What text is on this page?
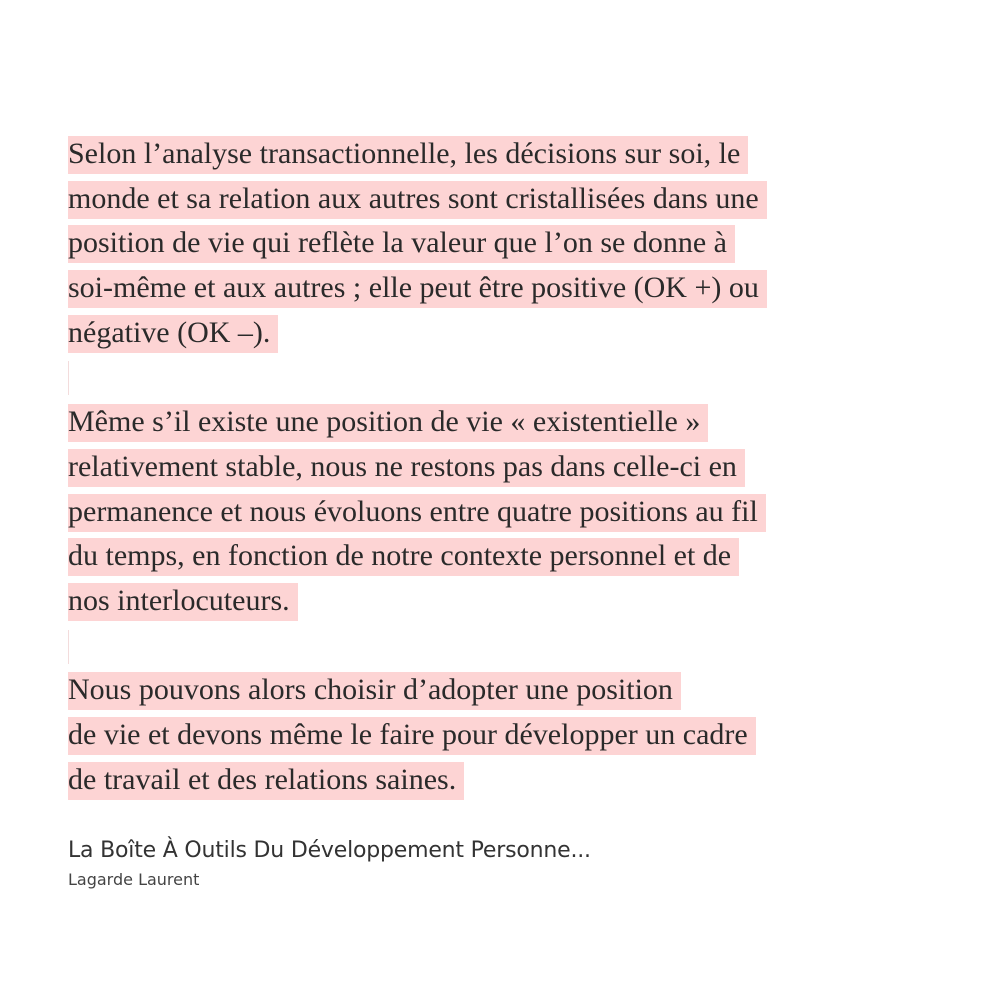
Selon l’analyse transactionnelle, les décisions sur soi, le
monde et sa relation aux autres sont cristallisées dans une
position de vie qui reflète la valeur que l’on se donne à
soi-même et aux autres ; elle peut être positive (OK +) ou
négative (OK –).
Même s’il existe une position de vie « existentielle »
relativement stable, nous ne restons pas dans celle-ci en
permanence et nous évoluons entre quatre positions au fil
du temps, en fonction de notre contexte personnel et de
nos interlocuteurs.
Nous pouvons alors choisir d’adopter une position
de vie et devons même le faire pour développer un cadre
de travail et des relations saines.
La Boîte À Outils Du Développement Personne...
Lagarde Laurent
